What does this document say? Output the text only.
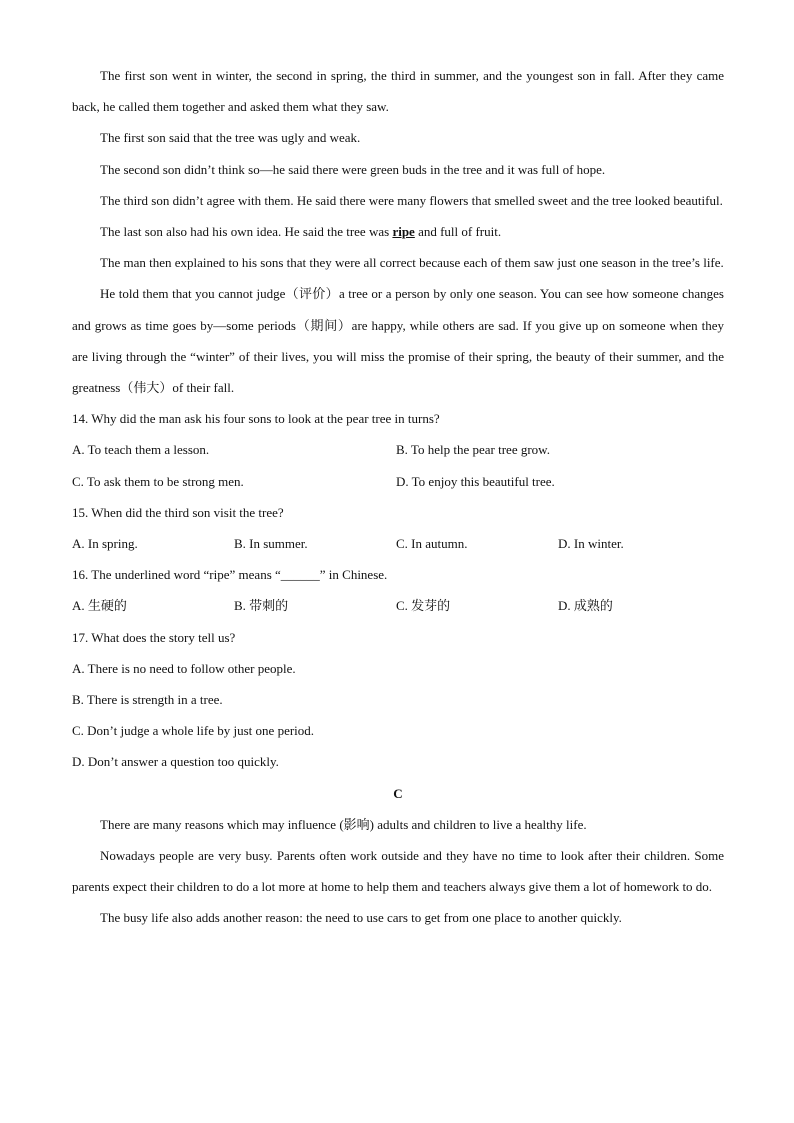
The first son went in winter, the second in spring, the third in summer, and the youngest son in fall. After they came back, he called them together and asked them what they saw.

The first son said that the tree was ugly and weak.

The second son didn’t think so—he said there were green buds in the tree and it was full of hope.

The third son didn’t agree with them. He said there were many flowers that smelled sweet and the tree looked beautiful.

The last son also had his own idea. He said the tree was ripe and full of fruit.

The man then explained to his sons that they were all correct because each of them saw just one season in the tree’s life.

He told them that you cannot judge（评价）a tree or a person by only one season. You can see how someone changes and grows as time goes by—some periods（期间）are happy, while others are sad. If you give up on someone when they are living through the “winter” of their lives, you will miss the promise of their spring, the beauty of their summer, and the greatness（伟大）of their fall.

14. Why did the man ask his four sons to look at the pear tree in turns?

A. To teach them a lesson.	B. To help the pear tree grow.
C. To ask them to be strong men.	D. To enjoy this beautiful tree.

15. When did the third son visit the tree?

A. In spring.	B. In summer.	C. In autumn.	D. In winter.

16. The underlined word “ripe” means “______” in Chinese.

A. 生硬的	B. 带刺的	C. 发芽的	D. 成熟的

17. What does the story tell us?

A. There is no need to follow other people.

B. There is strength in a tree.

C. Don’t judge a whole life by just one period.

D. Don’t answer a question too quickly.

C

There are many reasons which may influence (影响) adults and children to live a healthy life.

Nowadays people are very busy. Parents often work outside and they have no time to look after their children. Some parents expect their children to do a lot more at home to help them and teachers always give them a lot of homework to do.

The busy life also adds another reason: the need to use cars to get from one place to another quickly.
